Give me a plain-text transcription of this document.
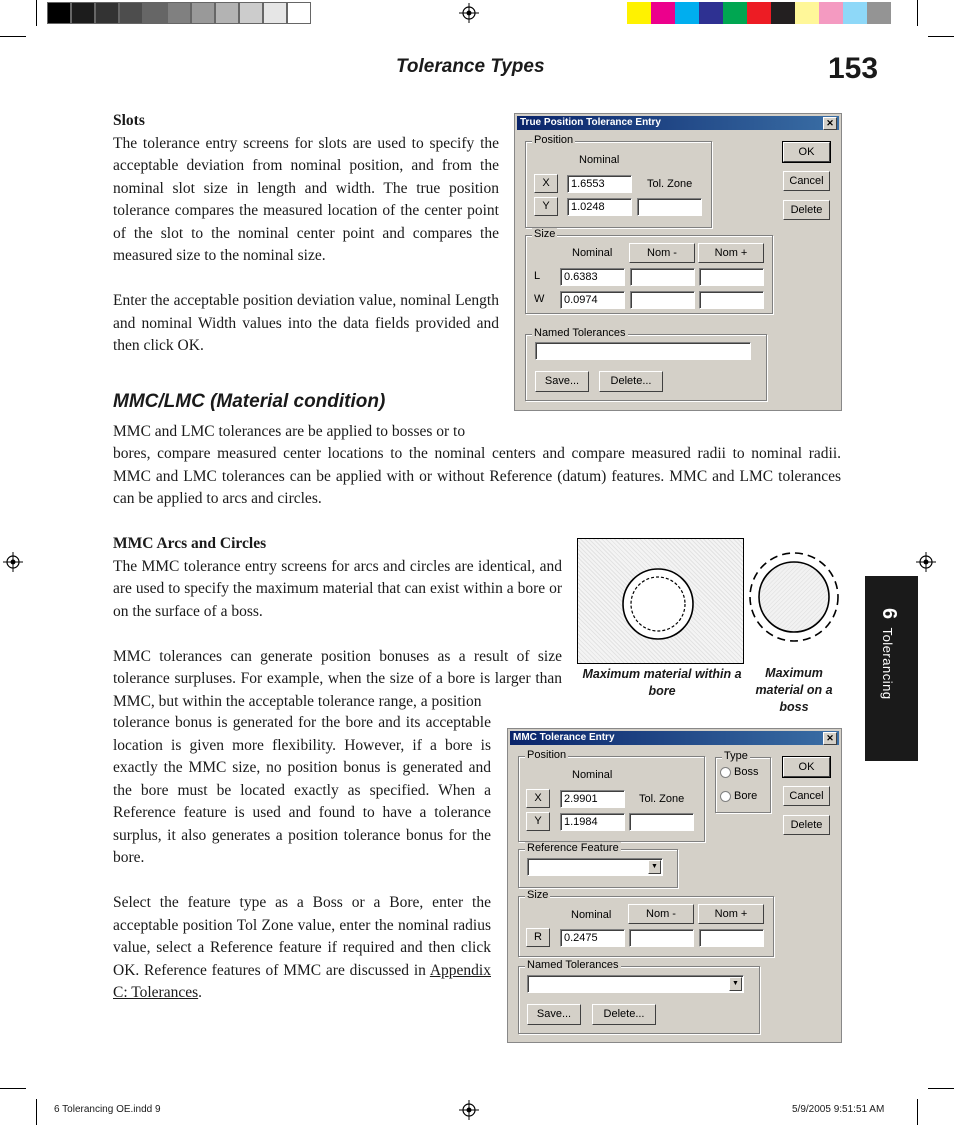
Tolerance Types	153
Slots

The tolerance entry screens for slots are used to specify the acceptable deviation from nominal position, and from the nominal slot size in length and width. The true position tolerance compares the measured location of the center point of the slot to the nominal center point and compares the measured size to the nominal size.

Enter the acceptable position deviation value, nominal Length and nominal Width values into the data fields provided and then click OK.

MMC/LMC (Material condition)
MMC and LMC tolerances are be applied to bosses or to
bores, compare measured center locations to the nominal centers and compare measured radii to nominal radii. MMC and LMC tolerances can be applied with or without Reference (datum) features. MMC and LMC tolerances can be applied to arcs and circles.
MMC Arcs and Circles

The MMC tolerance entry screens for arcs and circles are identical, and are used to specify the maximum material that can exist within a bore or on the surface of a boss.

MMC tolerances can generate position bonuses as a result of size tolerance surpluses. For example, when the size of a bore is larger than MMC, but within the acceptable tolerance range, a position

tolerance bonus is generated for the bore and its acceptable location is given more flexibility. However, if a bore is exactly the MMC size, no position bonus is generated and the bore must be located exactly as specified. When a Reference feature is used and found to have a tolerance surplus, it also generates a position tolerance bonus for the bore.

Select the feature type as a Boss or a Bore, enter the acceptable position Tol Zone value, enter the nominal radius value, select a Reference feature if required and then click OK. Reference features of MMC are discussed in Appendix C: Tolerances.

Maximum material within a bore
Maximum material on a boss
True Position Tolerance Entry	✕
Position
Nominal
X	1.6553	Tol. Zone
Y	1.0248
OK
Cancel
Delete
Size
Nominal	Nom -	Nom +
L	0.6383
W	0.0974
Named Tolerances
Save...	Delete...
MMC Tolerance Entry	✕
Position
Nominal
X	2.9901	Tol. Zone
Y	1.1984
Type
Boss
Bore
OK
Cancel
Delete
Reference Feature
▼
Size
Nominal	Nom -	Nom +
R	0.2475
Named Tolerances
▼
Save...	Delete...
6 Tolerancing
6 Tolerancing OE.indd 9	5/9/2005 9:51:51 AM
